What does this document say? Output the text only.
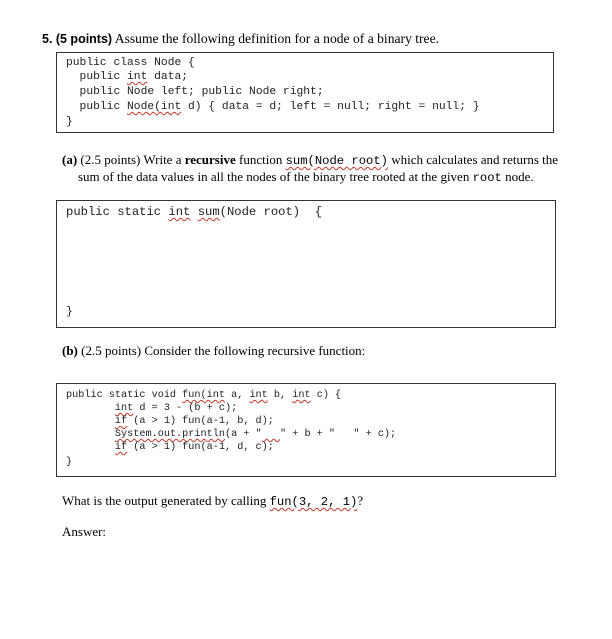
5. (5 points) Assume the following definition for a node of a binary tree.
public class Node {
public int data;
public Node left; public Node right;
public Node(int d) { data = d; left = null; right = null; }
}
(a) (2.5 points) Write a recursive function sum(Node root) which calculates and returns the
sum of the data values in all the nodes of the binary tree rooted at the given root node.
public static int sum(Node root)  {
}
(b) (2.5 points) Consider the following recursive function:
public static void fun(int a, int b, int c) {
int d = 3 - (b + c);
if (a > 1) fun(a-1, b, d);
System.out.println(a + " " + b + "   " + c);
if (a > 1) fun(a-1, d, c);
}
What is the output generated by calling fun(3, 2, 1)?
Answer:
